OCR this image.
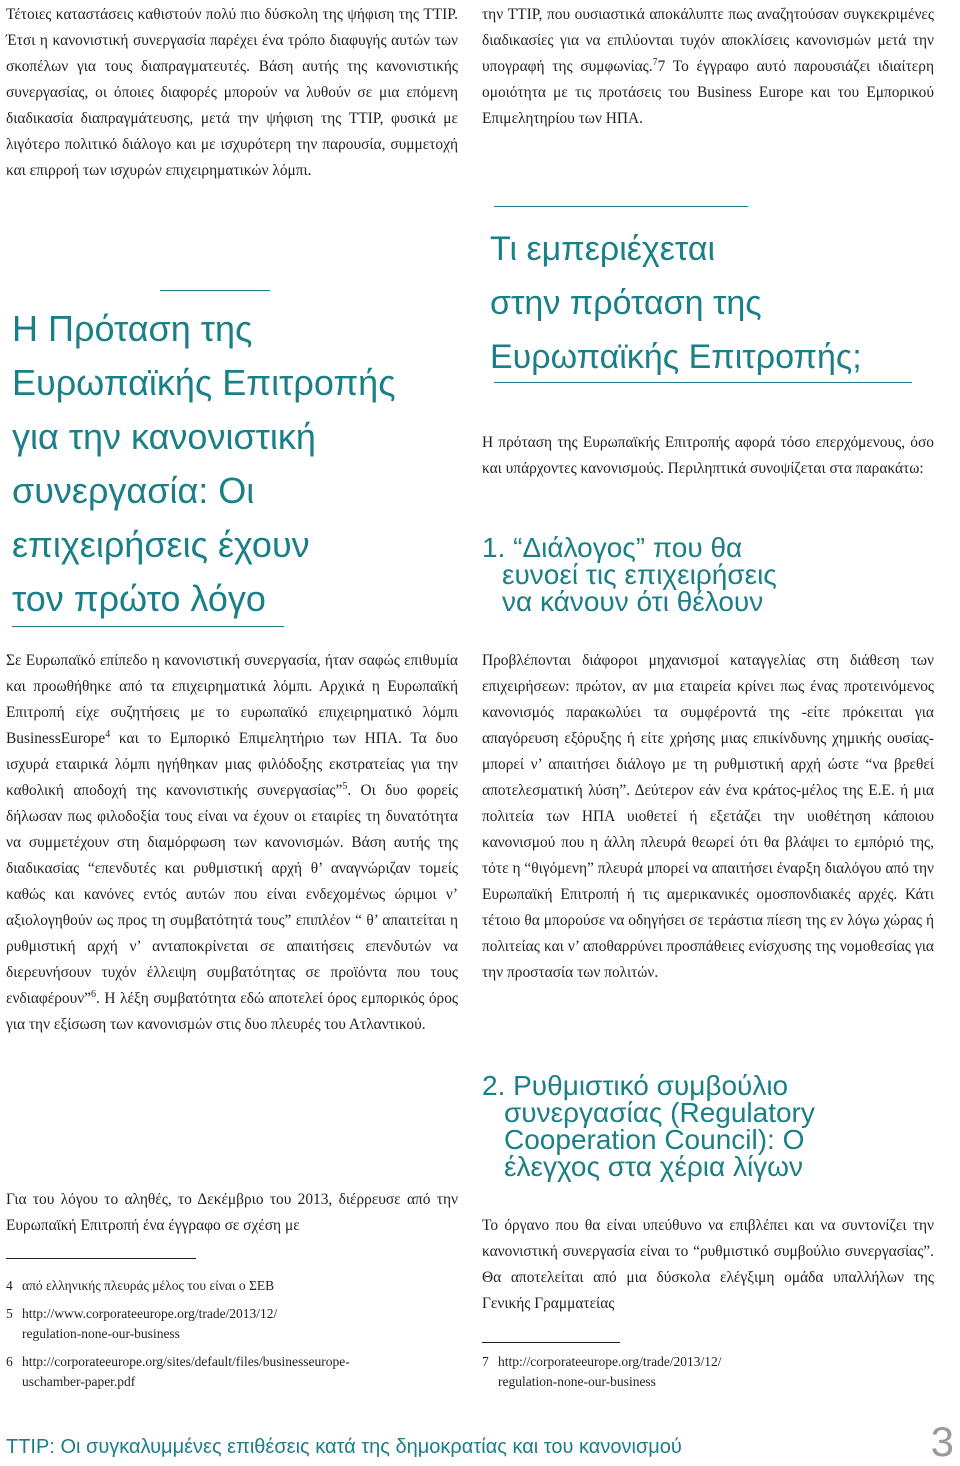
Τέτοιες καταστάσεις καθιστούν πολύ πιο δύσκολη της ψήφιση της TTIP. Έτσι η κανονιστική συνεργασία παρέχει ένα τρόπο διαφυγής αυτών των σκοπέλων για τους διαπραγματευτές. Βάση αυτής της κανονιστικής συνεργασίας, οι όποιες διαφορές μπορούν να λυθούν σε μια επόμενη διαδικασία διαπραγμάτευσης, μετά την ψήφιση της TTIP, φυσικά με λιγότερο πολιτικό διάλογο και με ισχυρότερη την παρουσία, συμμετοχή και επιρροή των ισχυρών επιχειρηματικών λόμπι.

Η Πρόταση της
Ευρωπαϊκής Επιτροπής
για την κανονιστική
συνεργασία: Οι
επιχειρήσεις έχουν
τον πρώτο λόγο

Σε Ευρωπαϊκό επίπεδο η κανονιστική συνεργασία, ήταν σαφώς επιθυμία και προωθήθηκε από τα επιχειρηματικά λόμπι. Αρχικά η Ευρωπαϊκή Επιτροπή είχε συζητήσεις με το ευρωπαϊκό επιχειρηματικό λόμπι BusinessEurope$^4$ και το Εμπορικό Επιμελητήριο των ΗΠΑ. Τα δυο ισχυρά εταιρικά λόμπι ηγήθηκαν μιας φιλόδοξης εκστρατείας για την καθολική αποδοχή της κανονιστικής συνεργασίας”$^5$. Οι δυο φορείς δήλωσαν πως φιλοδοξία τους είναι να έχουν οι εταιρίες τη δυνατότητα να συμμετέχουν στη διαμόρφωση των κανονισμών. Βάση αυτής της διαδικασίας “επενδυτές και ρυθμιστική αρχή θ’ αναγνώριζαν τομείς καθώς και κανόνες εντός αυτών που είναι ενδεχομένως ώριμοι ν’ αξιολογηθούν ως προς τη συμβατότητά τους” επιπλέον “ θ’ απαιτείται η ρυθμιστική αρχή ν’ ανταποκρίνεται σε απαιτήσεις επενδυτών να διερευνήσουν τυχόν έλλειψη συμβατότητας σε προϊόντα που τους ενδιαφέρουν”$^6$. Η λέξη συμβατότητα εδώ αποτελεί όρος εμπορικός όρος για την εξίσωση των κανονισμών στις δυο πλευρές του Ατλαντικού.

Για του λόγου το αληθές, το Δεκέμβριο του 2013, διέρρευσε από την Ευρωπαϊκή Επιτροπή ένα έγγραφο σε σχέση με

4 από ελληνικής πλευράς μέλος του είναι ο ΣΕΒ
5 http://www.corporateeurope.org/trade/2013/12/
regulation-none-our-business
6 http://corporateeurope.org/sites/default/files/businesseurope-
uschamber-paper.pdf

την TTIP, που ουσιαστικά αποκάλυπτε πως αναζητούσαν συγκεκριμένες διαδικασίες για να επιλύονται τυχόν αποκλίσεις κανονισμών μετά την υπογραφή της συμφωνίας.$^7$7 Το έγγραφο αυτό παρουσιάζει ιδιαίτερη ομοιότητα με τις προτάσεις του Business Europe και του Εμπορικού Επιμελητηρίου των ΗΠΑ.

Τι εμπεριέχεται
στην πρόταση της
Ευρωπαϊκής Επιτροπής;

Η πρόταση της Ευρωπαϊκής Επιτροπής αφορά τόσο επερχόμενους, όσο και υπάρχοντες κανονισμούς. Περιληπτικά συνοψίζεται στα παρακάτω:

1. “Διάλογος” που θα
ευνοεί τις επιχειρήσεις
να κάνουν ότι θέλουν

Προβλέπονται διάφοροι μηχανισμοί καταγγελίας στη διάθεση των επιχειρήσεων: πρώτον, αν μια εταιρεία κρίνει πως ένας προτεινόμενος κανονισμός παρακωλύει τα συμφέροντά της -είτε πρόκειται για απαγόρευση εξόρυξης ή είτε χρήσης μιας επικίνδυνης χημικής ουσίας- μπορεί ν’ απαιτήσει διάλογο με τη ρυθμιστική αρχή ώστε “να βρεθεί αποτελεσματική λύση”. Δεύτερον εάν ένα κράτος-μέλος της Ε.Ε. ή μια πολιτεία των ΗΠΑ υιοθετεί ή εξετάζει την υιοθέτηση κάποιου κανονισμού που η άλλη πλευρά θεωρεί ότι θα βλάψει το εμπόριό της, τότε η “θιγόμενη” πλευρά μπορεί να απαιτήσει έναρξη διαλόγου από την Ευρωπαϊκή Επιτροπή ή τις αμερικανικές ομοσπονδιακές αρχές. Κάτι τέτοιο θα μπορούσε να οδηγήσει σε τεράστια πίεση της εν λόγω χώρας ή πολιτείας και ν’ αποθαρρύνει προσπάθειες ενίσχυσης της νομοθεσίας για την προστασία των πολιτών.

2. Ρυθμιστικό συμβούλιο
συνεργασίας (Regulatory
Cooperation Council): Ο
έλεγχος στα χέρια λίγων

Το όργανο που θα είναι υπεύθυνο να επιβλέπει και να συντονίζει την κανονιστική συνεργασία είναι το “ρυθμιστικό συμβούλιο συνεργασίας”. Θα αποτελείται από μια δύσκολα ελέγξιμη ομάδα υπαλλήλων της Γενικής Γραμματείας

7 http://corporateeurope.org/trade/2013/12/
regulation-none-our-business
TTIP: Οι συγκαλυμμένες επιθέσεις κατά της δημοκρατίας και του κανονισμού	3
